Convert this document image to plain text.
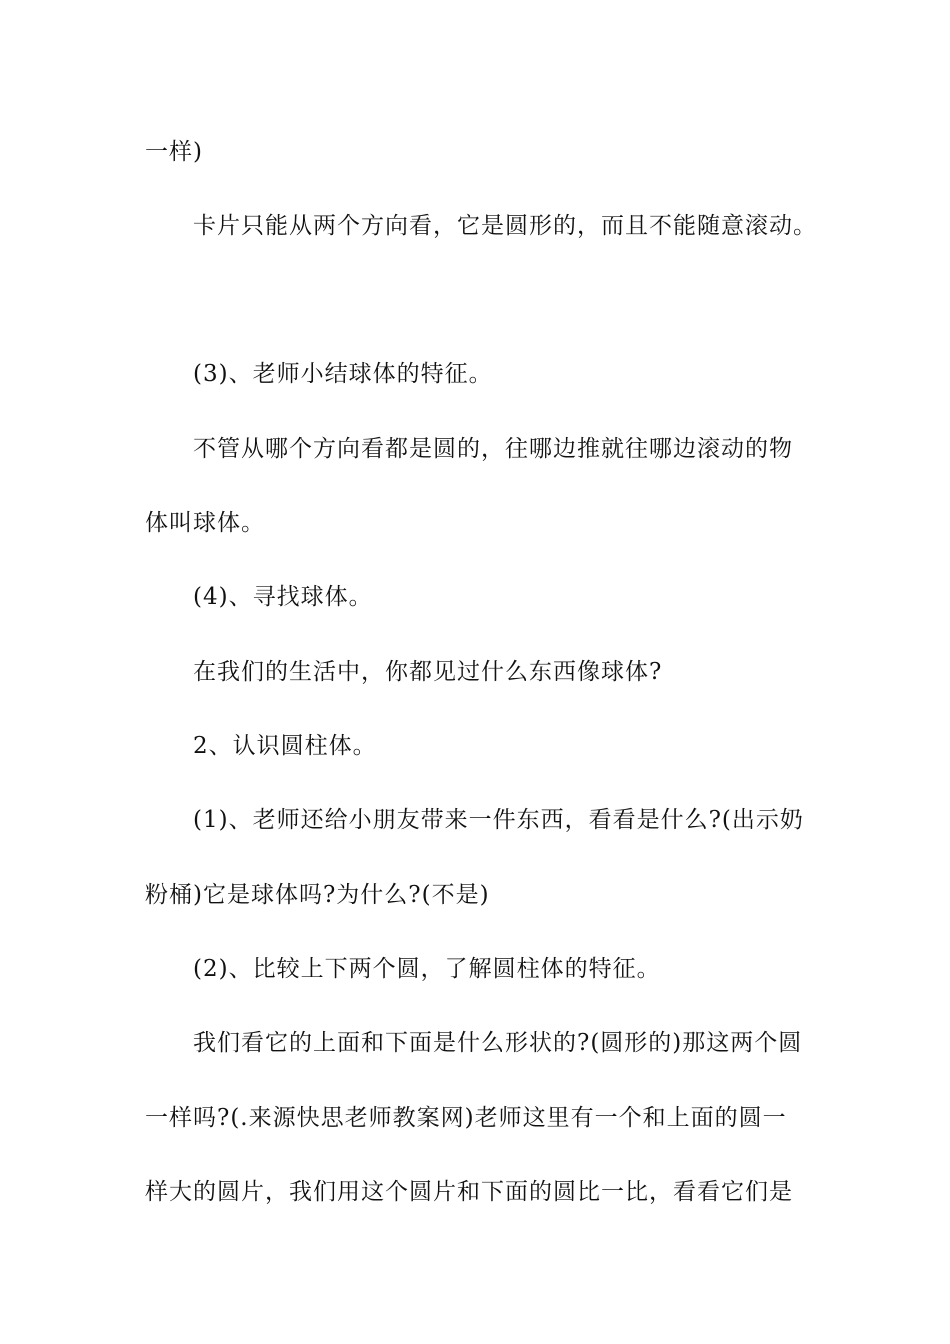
一样)
卡片只能从两个方向看，它是圆形的，而且不能随意滚动。
(3)、老师小结球体的特征。
不管从哪个方向看都是圆的，往哪边推就往哪边滚动的物
体叫球体。
(4)、寻找球体。
在我们的生活中，你都见过什么东西像球体?
2、认识圆柱体。
(1)、老师还给小朋友带来一件东西，看看是什么?(出示奶
粉桶)它是球体吗?为什么?(不是)
(2)、比较上下两个圆，了解圆柱体的特征。
我们看它的上面和下面是什么形状的?(圆形的)那这两个圆
一样吗?(.来源快思老师教案网)老师这里有一个和上面的圆一
样大的圆片，我们用这个圆片和下面的圆比一比，看看它们是
